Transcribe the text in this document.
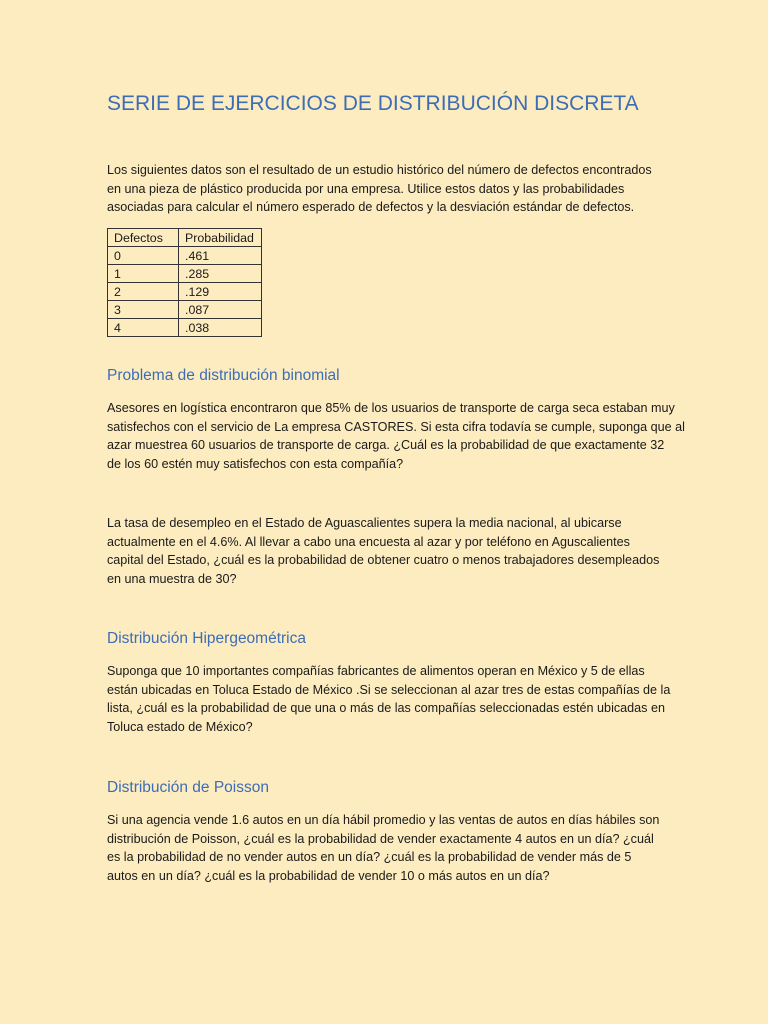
SERIE DE EJERCICIOS DE DISTRIBUCIÓN DISCRETA
Los siguientes datos son el resultado de un estudio histórico del número de defectos encontrados
en una pieza de plástico producida por una empresa. Utilice estos datos y las probabilidades
asociadas para calcular el número esperado de defectos y la desviación estándar de defectos.
Defectos	Probabilidad
0	.461
1	.285
2	.129
3	.087
4	.038
Problema de distribución binomial
Asesores en logística encontraron que 85% de los usuarios de transporte de carga seca estaban muy
satisfechos con el servicio de La empresa CASTORES. Si esta cifra todavía se cumple, suponga que al
azar muestrea 60 usuarios de transporte de carga. ¿Cuál es la probabilidad de que exactamente 32
de los 60 estén muy satisfechos con esta compañía?
La tasa de desempleo en el Estado de Aguascalientes supera la media nacional, al ubicarse
actualmente en el 4.6%. Al llevar a cabo una encuesta al azar y por teléfono en Aguscalientes
capital del Estado, ¿cuál es la probabilidad de obtener cuatro o menos trabajadores desempleados
en una muestra de 30?
Distribución Hipergeométrica
Suponga que 10 importantes compañías fabricantes de alimentos operan en México y 5 de ellas
están ubicadas en Toluca Estado de México .Si se seleccionan al azar tres de estas compañías de la
lista, ¿cuál es la probabilidad de que una o más de las compañías seleccionadas estén ubicadas en
Toluca estado de México?
Distribución de Poisson
Si una agencia vende 1.6 autos en un día hábil promedio y las ventas de autos en días hábiles son
distribución de Poisson, ¿cuál es la probabilidad de vender exactamente 4 autos en un día? ¿cuál
es la probabilidad de no vender autos en un día? ¿cuál es la probabilidad de vender más de 5
autos en un día? ¿cuál es la probabilidad de vender 10 o más autos en un día?
